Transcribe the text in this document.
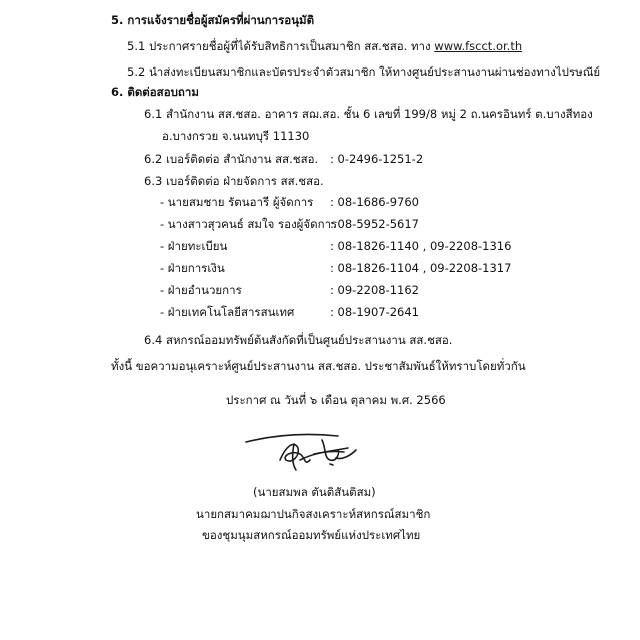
5. การแจ้งรายชื่อผู้สมัครที่ผ่านการอนุมัติ
5.1 ประกาศรายชื่อผู้ที่ได้รับสิทธิการเป็นสมาชิก สส.ชสอ. ทาง www.fscct.or.th
5.2 นำส่งทะเบียนสมาชิกและบัตรประจำตัวสมาชิก ให้ทางศูนย์ประสานงานผ่านช่องทางไปรษณีย์
6. ติดต่อสอบถาม
6.1 สำนักงาน สส.ชสอ. อาคาร สฌ.สอ. ชั้น 6 เลขที่ 199/8 หมู่ 2 ถ.นครอินทร์ ต.บางสีทอง
อ.บางกรวย จ.นนทบุรี 11130
6.2 เบอร์ติดต่อ สำนักงาน สส.ชสอ. : 0-2496-1251-2
6.3 เบอร์ติดต่อ ฝ่ายจัดการ สส.ชสอ.
- นายสมชาย รัตนอารี ผู้จัดการ : 08-1686-9760
- นางสาวสุวคนธ์ สมใจ รองผู้จัดการ
: 08-5952-5617
- ฝ่ายทะเบียน	: 08-1826-1140 , 09-2208-1316
- ฝ่ายการเงิน	: 08-1826-1104 , 09-2208-1317
- ฝ่ายอำนวยการ	: 09-2208-1162
- ฝ่ายเทคโนโลยีสารสนเทศ	: 08-1907-2641
6.4 สหกรณ์ออมทรัพย์ต้นสังกัดที่เป็นศูนย์ประสานงาน สส.ชสอ.
ทั้งนี้ ขอความอนุเคราะห์ศูนย์ประสานงาน สส.ชสอ. ประชาสัมพันธ์ให้ทราบโดยทั่วกัน
ประกาศ ณ วันที่ ๖ เดือน ตุลาคม พ.ศ. 2566
(นายสมพล ตันติสันติสม)
นายกสมาคมฌาปนกิจสงเคราะห์สหกรณ์สมาชิก
ของชุมนุมสหกรณ์ออมทรัพย์แห่งประเทศไทย
